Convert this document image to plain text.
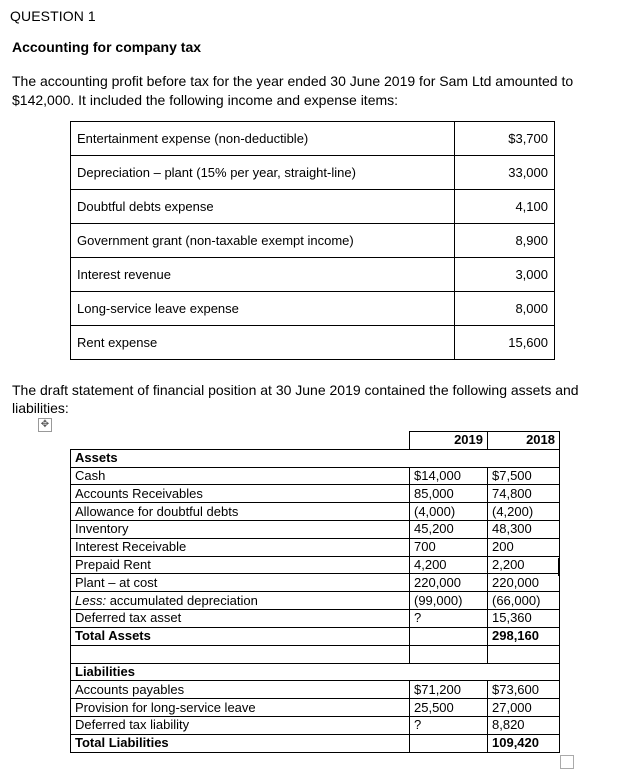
QUESTION 1
Accounting for company tax
The accounting profit before tax for the year ended 30 June 2019 for Sam Ltd amounted to
$142,000. It included the following income and expense items:
Entertainment expense (non-deductible)	$3,700
Depreciation – plant (15% per year, straight-line)	33,000
Doubtful debts expense	4,100
Government grant (non-taxable exempt income)	8,900
Interest revenue	3,000
Long-service leave expense	8,000
Rent expense	15,600
The draft statement of financial position at 30 June 2019 contained the following assets and
liabilities:
✥
	2019	2018
Assets		
Cash	$14,000	$7,500
Accounts Receivables	85,000	74,800
Allowance for doubtful debts	(4,000)	(4,200)
Inventory	45,200	48,300
Interest Receivable	700	200
Prepaid Rent	4,200	2,200
Plant – at cost	220,000	220,000
Less: accumulated depreciation	(99,000)	(66,000)
Deferred tax asset	?	15,360
Total Assets		298,160

Liabilities		
Accounts payables	$71,200	$73,600
Provision for long-service leave	25,500	27,000
Deferred tax liability	?	8,820
Total Liabilities		109,420
